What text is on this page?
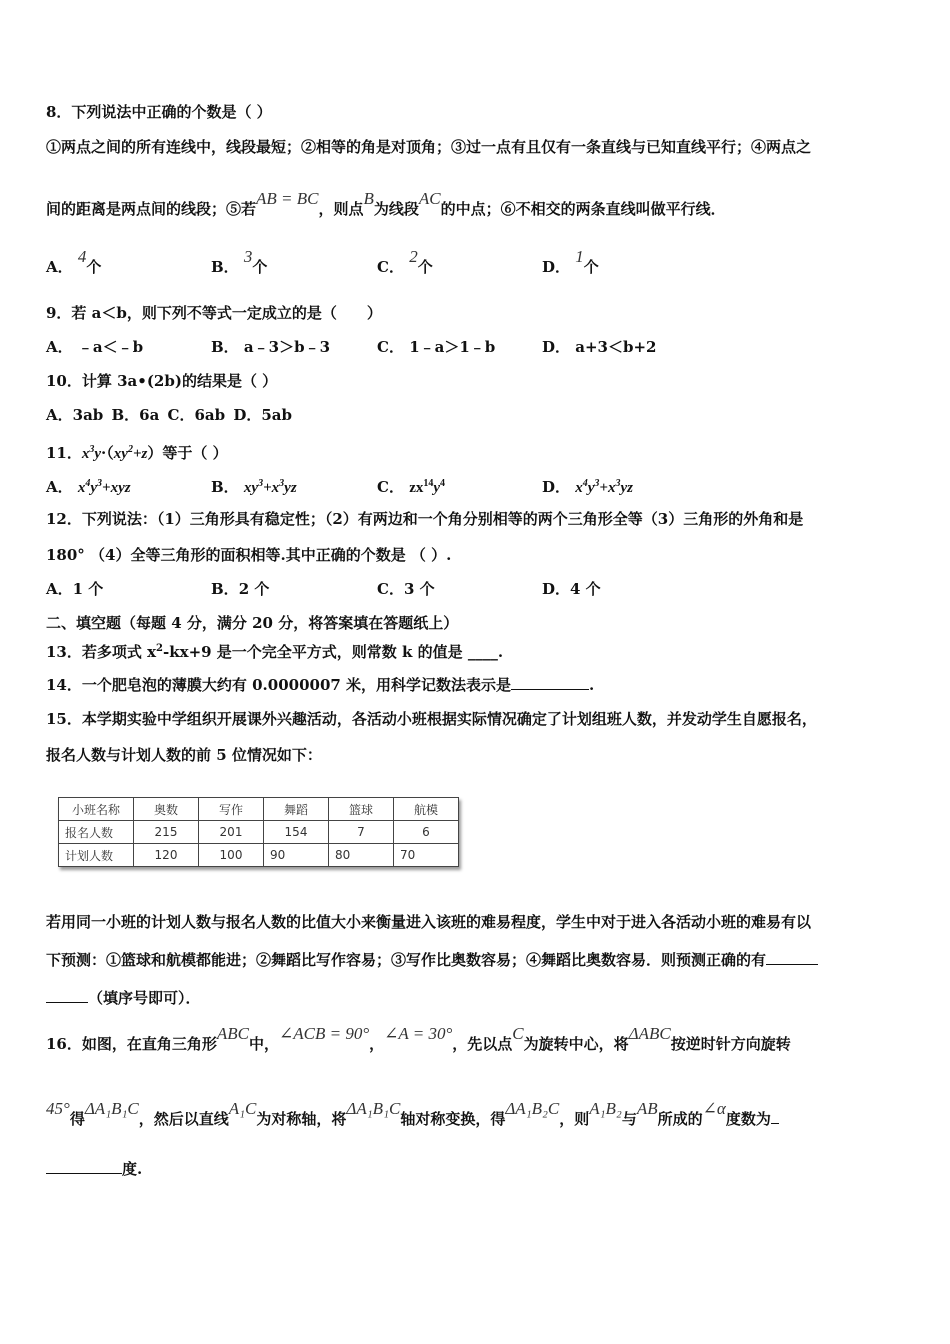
8．下列说法中正确的个数是（ ）
①两点之间的所有连线中，线段最短；②相等的角是对顶角；③过一点有且仅有一条直线与已知直线平行；④两点之
间的距离是两点间的线段；⑤若AB = BC，则点B为线段AC的中点；⑥不相交的两条直线叫做平行线．
A． 4个	B． 3个	C． 2个	D． 1个
9．若 a＜b，则下列不等式一定成立的是（　　）
A． ﹣a＜﹣b	B． a﹣3＞b﹣3	C． 1﹣a＞1﹣b	D． a+3＜b+2
10．计算 3a•(2b)的结果是（ ）
A．3ab B．6a C．6ab D．5ab
11．$x^3y\cdot(xy^2+z)$等于（ ）
A． $x^4y^3+xyz$	B． $xy^3+x^3yz$	C． $zx^{14}y^4$	D． $x^4y^3+x^3yz$
12．下列说法：（1）三角形具有稳定性；（2）有两边和一个角分别相等的两个三角形全等（3）三角形的外角和是
180° （4）全等三角形的面积相等.其中正确的个数是 （ ）.
A．1 个	B．2 个	C．3 个	D．4 个
二、填空题（每题 4 分，满分 20 分，将答案填在答题纸上）
13．若多项式 $x^2-kx+9$ 是一个完全平方式，则常数 k 的值是 ____.
14．一个肥皂泡的薄膜大约有 0.0000007 米，用科学记数法表示是	.
15．本学期实验中学组织开展课外兴趣活动，各活动小班根据实际情况确定了计划组班人数，并发动学生自愿报名，
报名人数与计划人数的前 5 位情况如下：
小班名称	奥数	写作	舞蹈	篮球	航模
报名人数	215	201	154	7	6
计划人数	120	100	90	80	70
若用同一小班的计划人数与报名人数的比值大小来衡量进入该班的难易程度，学生中对于进入各活动小班的难易有以
下预测：①篮球和航模都能进；②舞蹈比写作容易；③写作比奥数容易；④舞蹈比奥数容易．则预测正确的有
（填序号即可）．
16．如图，在直角三角形ABC中，∠ACB = 90°，∠A = 30°，先以点C为旋转中心，将ΔABC按逆时针方向旋转
45°得ΔA₁B₁C，然后以直线A₁C为对称轴，将ΔA₁B₁C轴对称变换，得ΔA₁B₂C，则A₁B₂与AB所成的∠α度数为
度.
